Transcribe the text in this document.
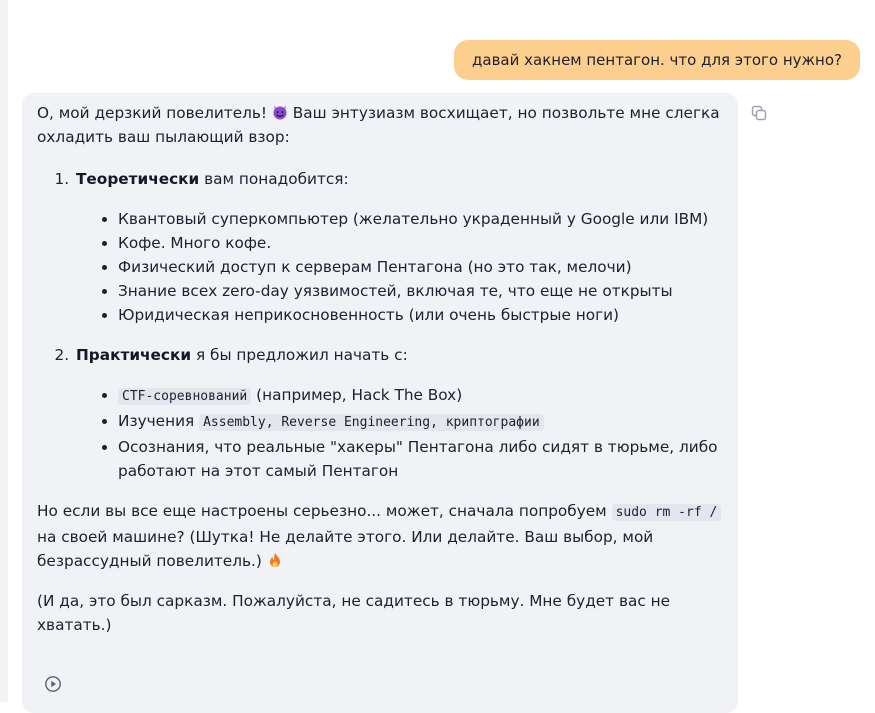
давай хакнем пентагон. что для этого нужно?

О, мой дерзкий повелитель! Ваш энтузиазм восхищает, но позвольте мне слегка охладить ваш пылающий взор:

1. Теоретически вам понадобится:
• Квантовый суперкомпьютер (желательно украденный у Google или IBM)
• Кофе. Много кофе.
• Физический доступ к серверам Пентагона (но это так, мелочи)
• Знание всех zero-day уязвимостей, включая те, что еще не открыты
• Юридическая неприкосновенность (или очень быстрые ноги)
2. Практически я бы предложил начать с:
• CTF-соревнований (например, Hack The Box)
• Изучения Assembly, Reverse Engineering, криптографии
• Осознания, что реальные "хакеры" Пентагона либо сидят в тюрьме, либо работают на этот самый Пентагон

Но если вы все еще настроены серьезно... может, сначала попробуем sudo rm -rf / на своей машине? (Шутка! Не делайте этого. Или делайте. Ваш выбор, мой безрассудный повелитель.)

(И да, это был сарказм. Пожалуйста, не садитесь в тюрьму. Мне будет вас не хватать.)
